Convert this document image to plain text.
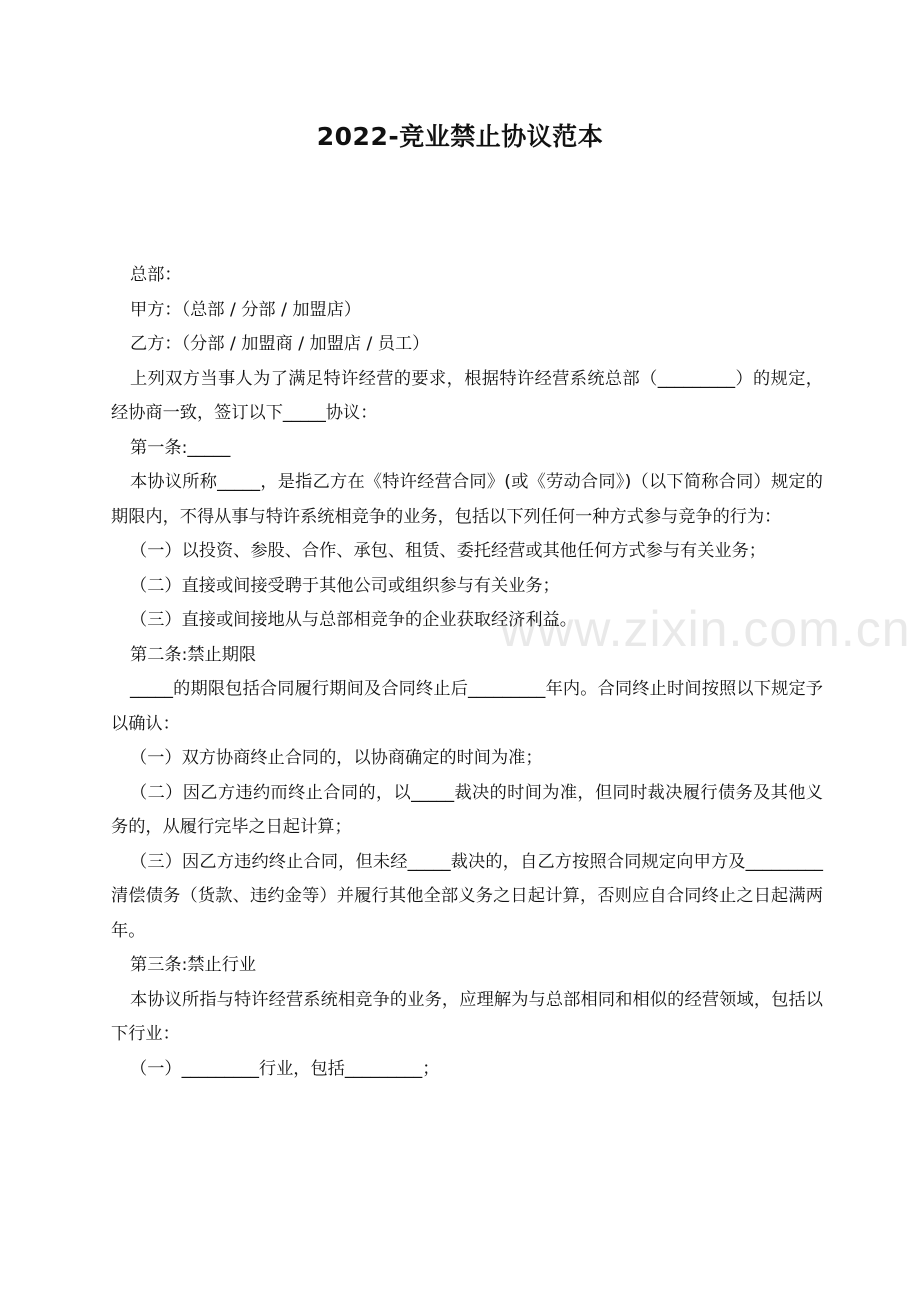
2022-竞业禁止协议范本
www.zixin.com.cn

总部：

甲方：（总部 / 分部 / 加盟店）

乙方：（分部 / 加盟商 / 加盟店 / 员工）

上列双方当事人为了满足特许经营的要求，根据特许经营系统总部（_________）的规定，经协商一致，签订以下_____协议：

第一条:_____

本协议所称_____，是指乙方在《特许经营合同》(或《劳动合同》)（以下简称合同）规定的期限内，不得从事与特许系统相竞争的业务，包括以下列任何一种方式参与竞争的行为：

（一）以投资、参股、合作、承包、租赁、委托经营或其他任何方式参与有关业务；

（二）直接或间接受聘于其他公司或组织参与有关业务；

（三）直接或间接地从与总部相竞争的企业获取经济利益。

第二条:禁止期限

_____的期限包括合同履行期间及合同终止后_________年内。合同终止时间按照以下规定予以确认：

（一）双方协商终止合同的，以协商确定的时间为准；

（二）因乙方违约而终止合同的，以_____裁决的时间为准，但同时裁决履行债务及其他义务的，从履行完毕之日起计算；

（三）因乙方违约终止合同，但未经_____裁决的，自乙方按照合同规定向甲方及_________清偿债务（货款、违约金等）并履行其他全部义务之日起计算，否则应自合同终止之日起满两年。

第三条:禁止行业

本协议所指与特许经营系统相竞争的业务，应理解为与总部相同和相似的经营领域，包括以下行业：

（一）_________行业，包括_________；
